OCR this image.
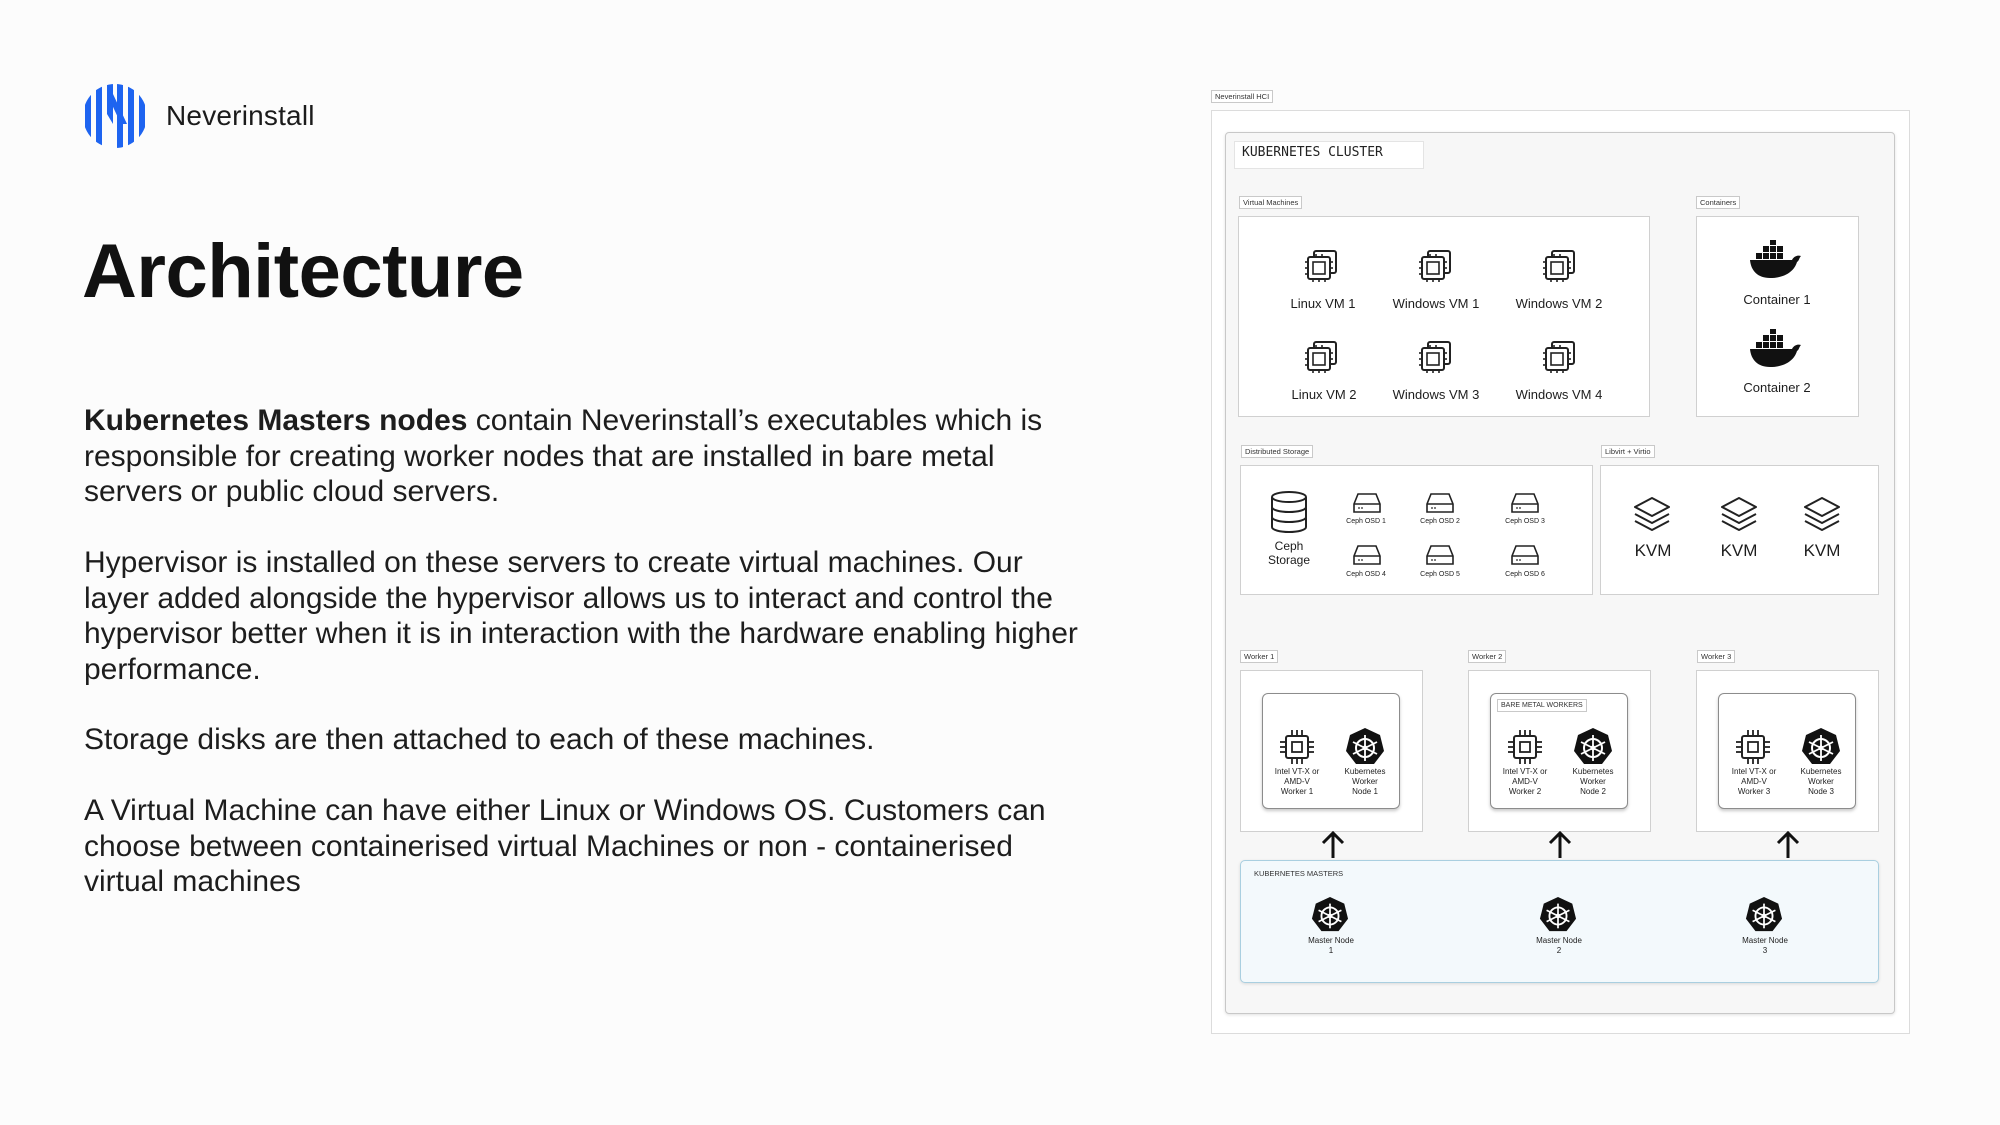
Neverinstall
Architecture

Kubernetes Masters nodes contain Neverinstall’s executables which is responsible for creating worker nodes that are installed in bare metal servers or public cloud servers.

Hypervisor is installed on these servers to create virtual machines. Our layer added alongside the hypervisor allows us to interact and control the hypervisor better when it is in interaction with the hardware enabling higher performance.

Storage disks are then attached to each of these machines.

A Virtual Machine can have either Linux or Windows OS. Customers can choose between containerised virtual Machines or non - containerised virtual machines

Neverinstall HCI
KUBERNETES CLUSTER
Virtual Machines
Linux VM 1	Windows VM 1	Windows VM 2
Linux VM 2	Windows VM 3	Windows VM 4
Containers
Container 1
Container 2
Distributed Storage
Ceph
Storage
Ceph OSD 1	Ceph OSD 2	Ceph OSD 3
Ceph OSD 4	Ceph OSD 5	Ceph OSD 6
Libvirt + Virtio
KVM	KVM	KVM
Worker 1
Intel VT-X or
AMD-V
Worker 1
Kubernetes
Worker
Node 1
Worker 2
BARE METAL WORKERS
Intel VT-X or
AMD-V
Worker 2
Kubernetes
Worker
Node 2
Worker 3
Intel VT-X or
AMD-V
Worker 3
Kubernetes
Worker
Node 3
KUBERNETES MASTERS
Master Node
1
Master Node
2
Master Node
3
